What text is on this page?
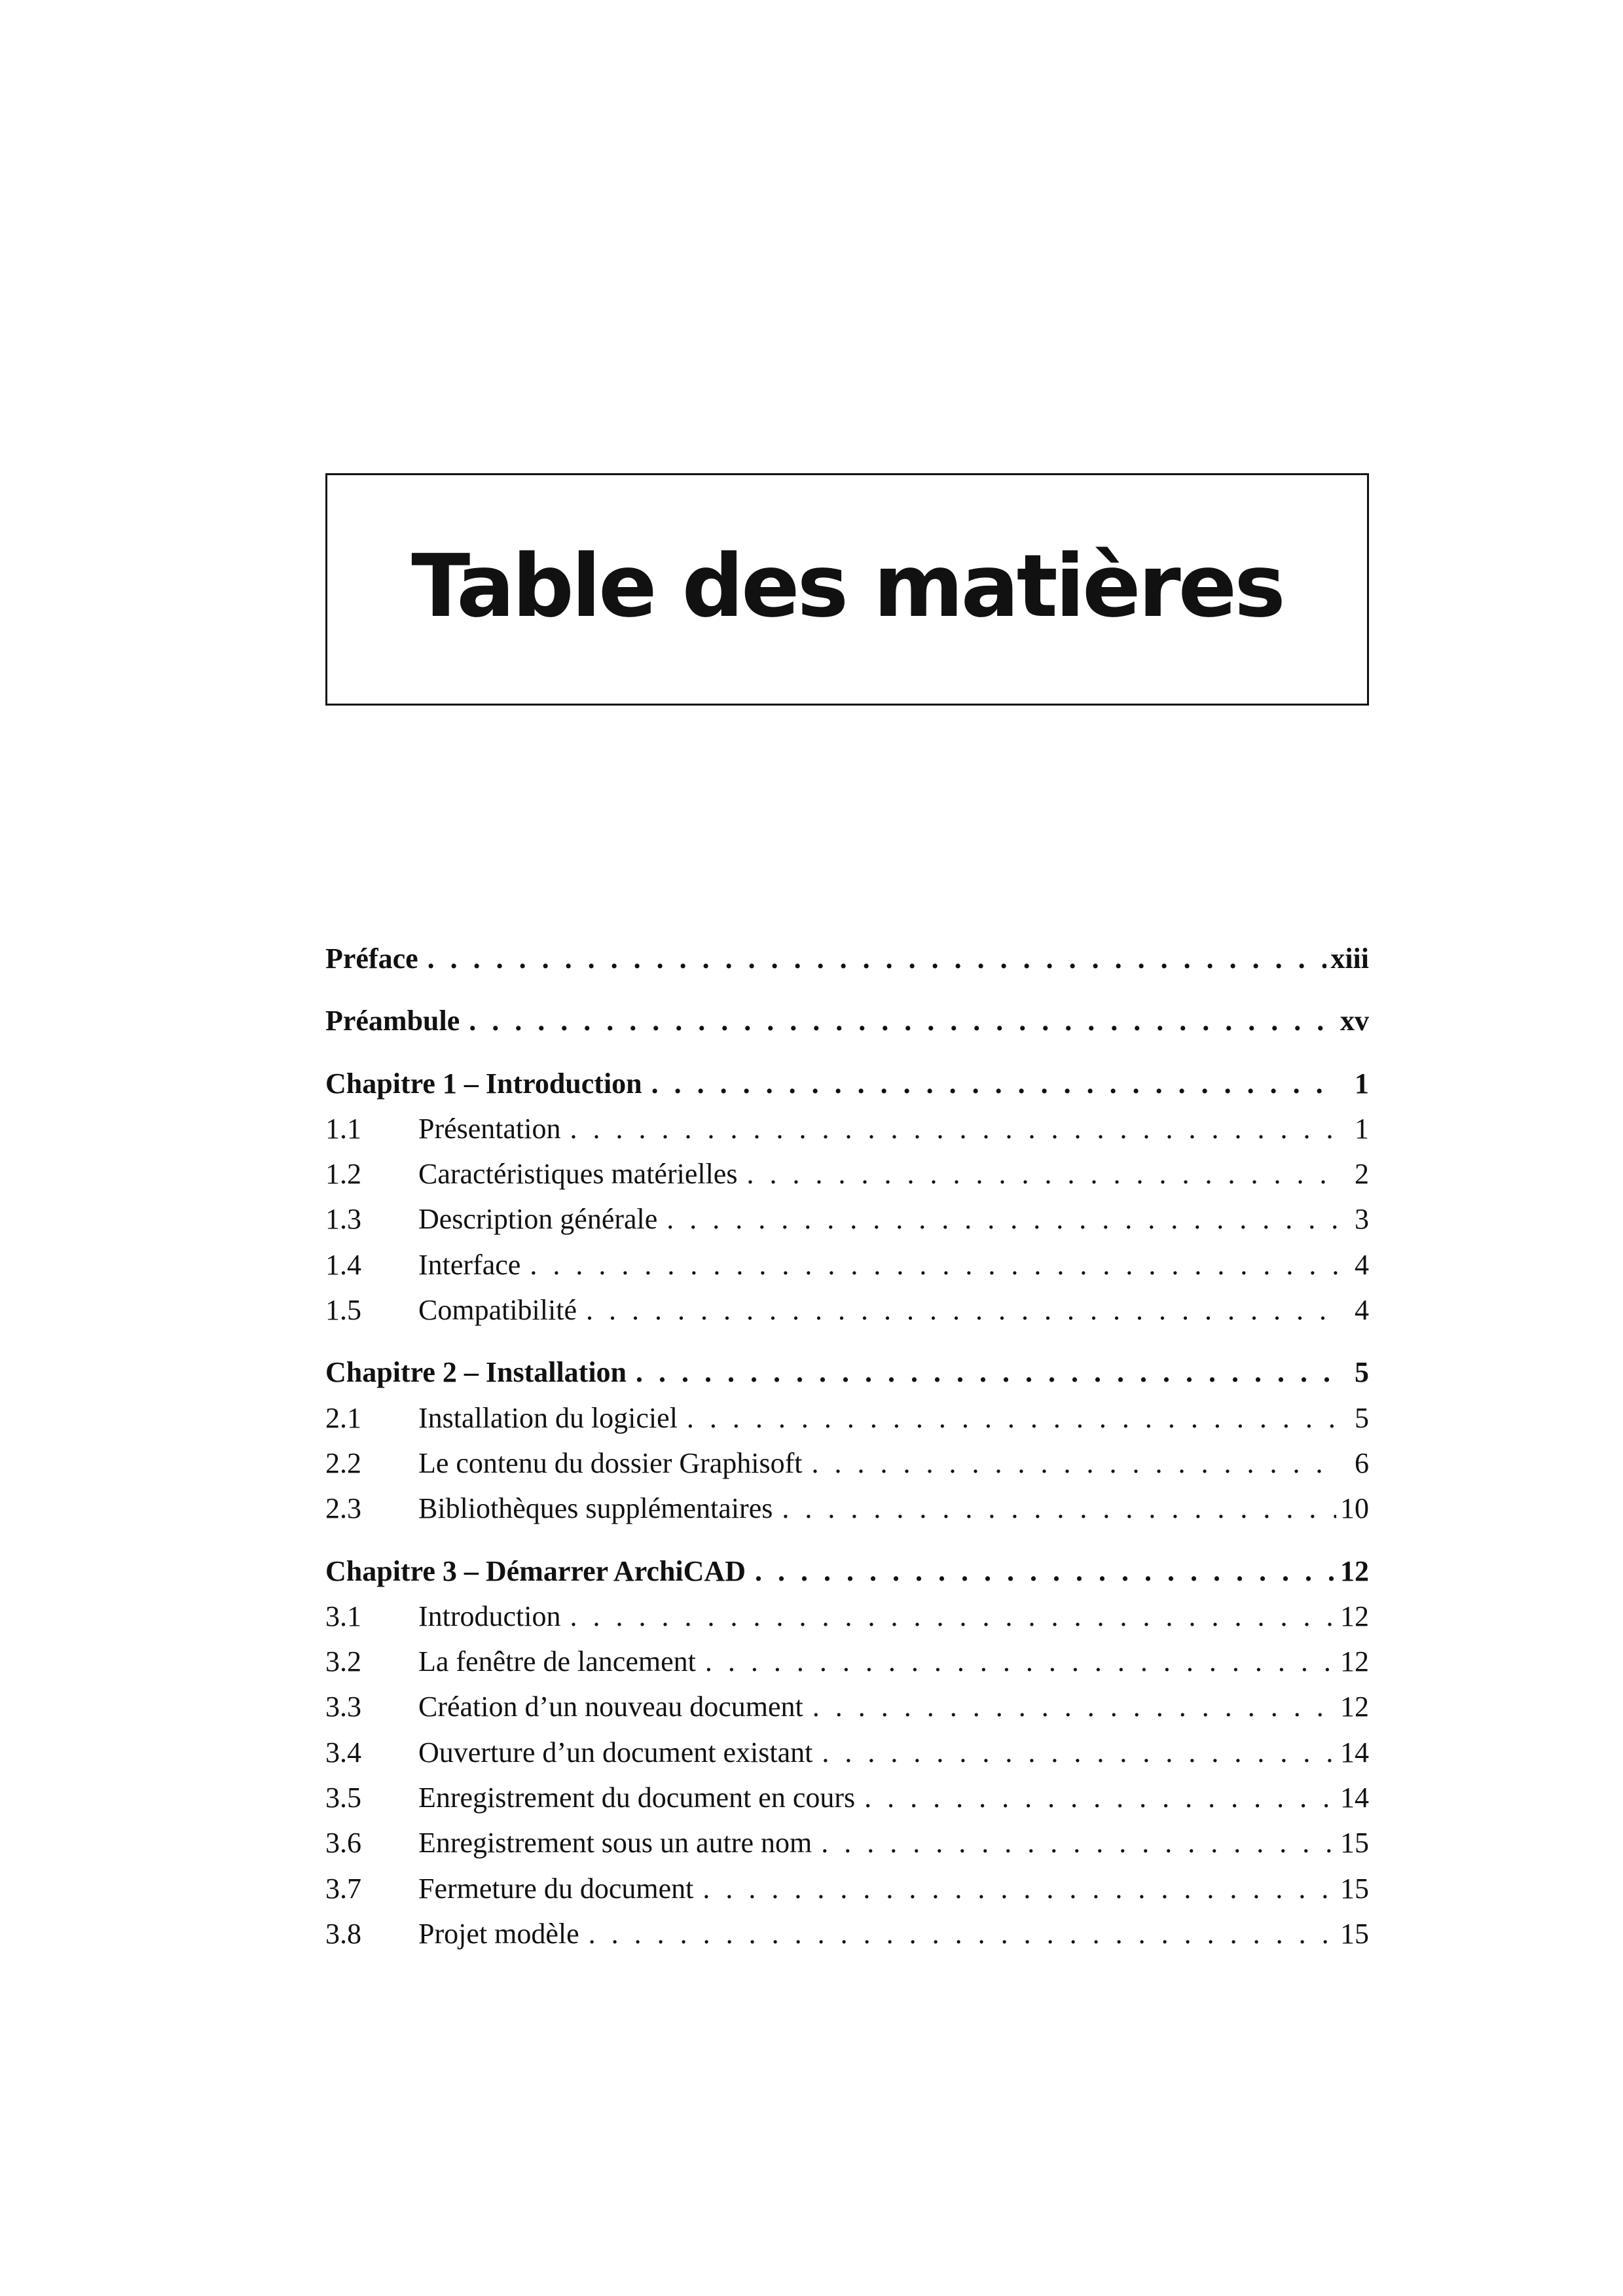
Table des matières
Préface . . .	xiii
Préambule . . .	xv
Chapitre 1 – Introduction . . .	1
1.1	Présentation . . .	1
1.2	Caractéristiques matérielles . . .	2
1.3	Description générale . . .	3
1.4	Interface . . .	4
1.5	Compatibilité . . .	4
Chapitre 2 – Installation . . .	5
2.1	Installation du logiciel . . .	5
2.2	Le contenu du dossier Graphisoft . . .	6
2.3	Bibliothèques supplémentaires . . .	10
Chapitre 3 – Démarrer ArchiCAD . . .	12
3.1	Introduction . . .	12
3.2	La fenêtre de lancement . . .	12
3.3	Création d’un nouveau document . . .	12
3.4	Ouverture d’un document existant . . .	14
3.5	Enregistrement du document en cours . . .	14
3.6	Enregistrement sous un autre nom . . .	15
3.7	Fermeture du document . . .	15
3.8	Projet modèle . . .	15
